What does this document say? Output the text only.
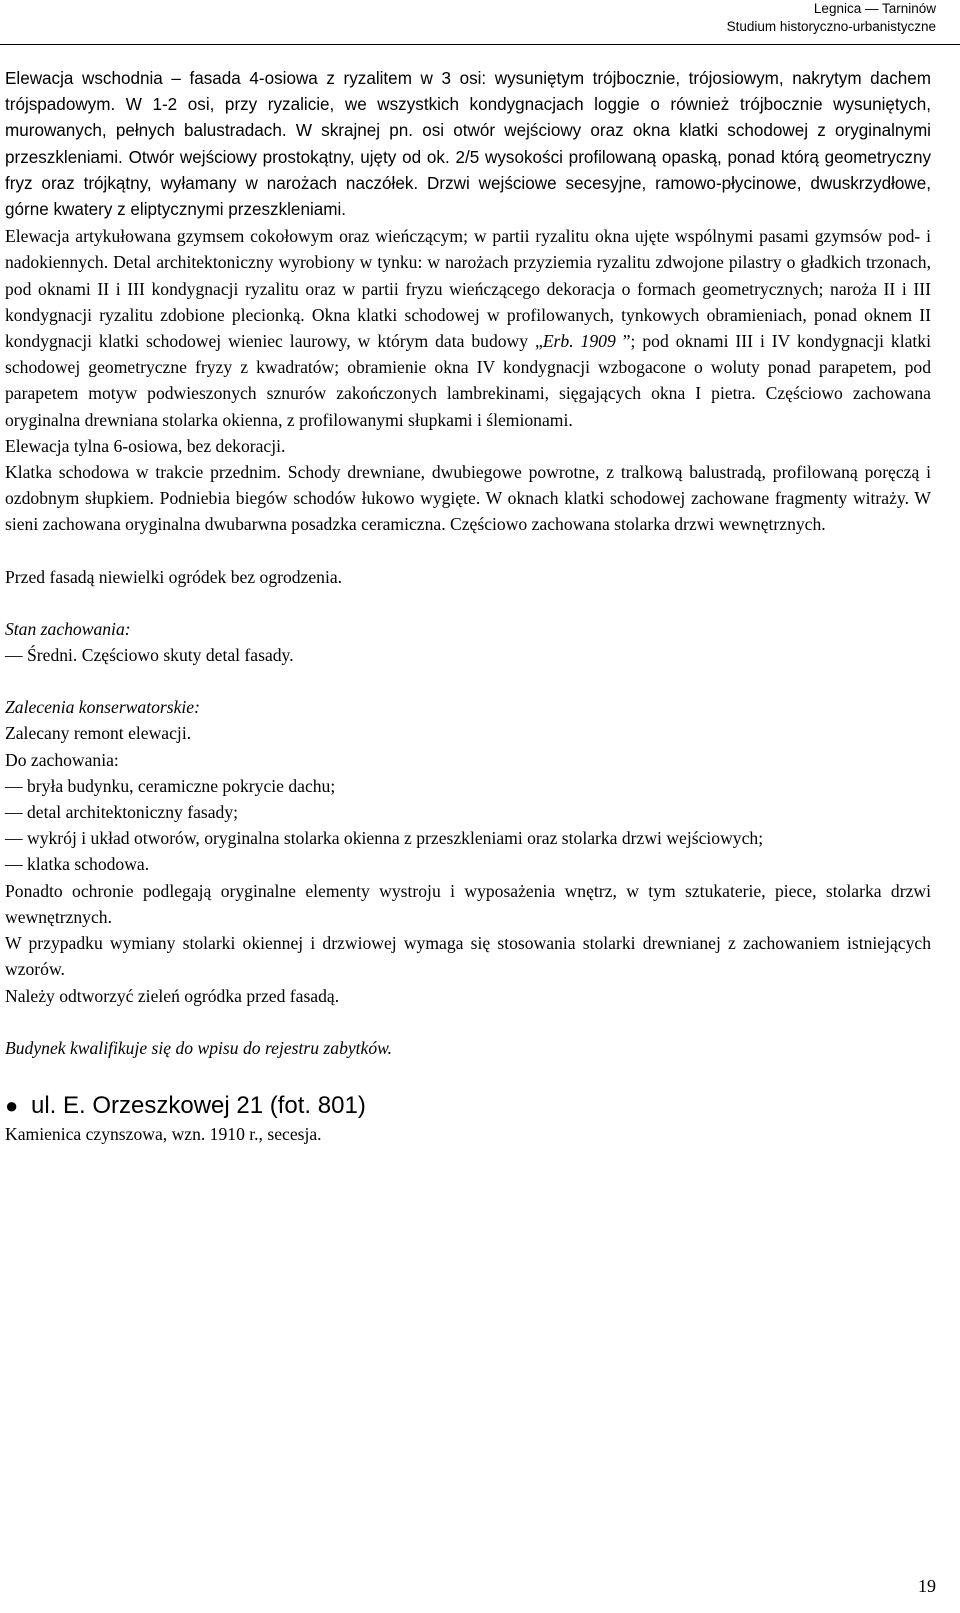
Legnica — Tarninów
Studium historyczno-urbanistyczne
Elewacja wschodnia – fasada 4-osiowa z ryzalitem w 3 osi: wysuniętym trójbocznie, trójosiowym, nakrytym dachem trójspadowym. W 1-2 osi, przy ryzalicie, we wszystkich kondygnacjach loggie o również trójbocznie wysuniętych, murowanych, pełnych balustradach. W skrajnej pn. osi otwór wejściowy oraz okna klatki schodowej z oryginalnymi przeszkleniami. Otwór wejściowy prostokątny, ujęty od ok. 2/5 wysokości profilowaną opaską, ponad którą geometryczny fryz oraz trójkątny, wyłamany w narożach naczółek. Drzwi wejściowe secesyjne, ramowo-płycinowe, dwuskrzydłowe, górne kwatery z eliptycznymi przeszkleniami.
Elewacja artykułowana gzymsem cokołowym oraz wieńczącym; w partii ryzalitu okna ujęte wspólnymi pasami gzymsów pod- i nadokiennych. Detal architektoniczny wyrobiony w tynku: w narożach przyziemia ryzalitu zdwojone pilastry o gładkich trzonach, pod oknami II i III kondygnacji ryzalitu oraz w partii fryzu wieńczącego dekoracja o formach geometrycznych; naroża II i III kondygnacji ryzalitu zdobione plecionką. Okna klatki schodowej w profilowanych, tynkowych obramieniach, ponad oknem II kondygnacji klatki schodowej wieniec laurowy, w którym data budowy „Erb. 1909 ”; pod oknami III i IV kondygnacji klatki schodowej geometryczne fryzy z kwadratów; obramienie okna IV kondygnacji wzbogacone o woluty ponad parapetem, pod parapetem motyw podwieszonych sznurów zakończonych lambrekinami, sięgających okna I pietra. Częściowo zachowana oryginalna drewniana stolarka okienna, z profilowanymi słupkami i ślemionami.
Elewacja tylna 6-osiowa, bez dekoracji.
Klatka schodowa w trakcie przednim. Schody drewniane, dwubiegowe powrotne, z tralkową balustradą, profilowaną poręczą i ozdobnym słupkiem. Podniebia biegów schodów łukowo wygięte. W oknach klatki schodowej zachowane fragmenty witraży. W sieni zachowana oryginalna dwubarwna posadzka ceramiczna. Częściowo zachowana stolarka drzwi wewnętrznych.
Przed fasadą niewielki ogródek bez ogrodzenia.
Stan zachowania:
— Średni. Częściowo skuty detal fasady.
Zalecenia konserwatorskie:
Zalecany remont elewacji.
Do zachowania:
— bryła budynku, ceramiczne pokrycie dachu;
— detal architektoniczny fasady;
— wykrój i układ otworów, oryginalna stolarka okienna z przeszkleniami oraz stolarka drzwi wejściowych;
— klatka schodowa.
Ponadto ochronie podlegają oryginalne elementy wystroju i wyposażenia wnętrz, w tym sztukaterie, piece, stolarka drzwi wewnętrznych.
W przypadku wymiany stolarki okiennej i drzwiowej wymaga się stosowania stolarki drewnianej z zachowaniem istniejących wzorów.
Należy odtworzyć zieleń ogródka przed fasadą.
Budynek kwalifikuje się do wpisu do rejestru zabytków.
● ul. E. Orzeszkowej 21 (fot. 801)
Kamienica czynszowa, wzn. 1910 r., secesja.
19
